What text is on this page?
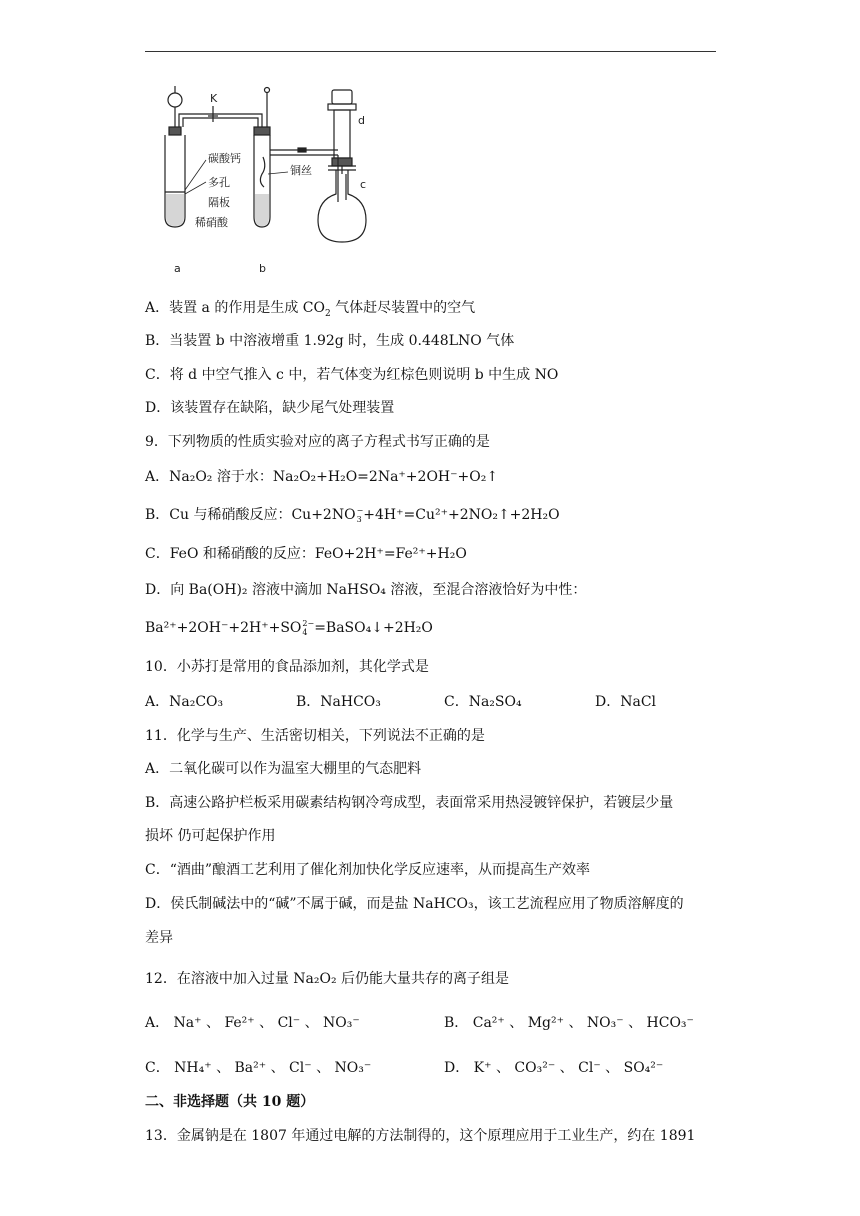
K
d
c
碳酸钙
多孔
隔板
稀硝酸
铜丝
a	b
A．装置 a 的作用是生成 $CO_2$ 气体赶尽装置中的空气
B．当装置 b 中溶液增重 1.92g 时，生成 0.448LNO 气体
C．将 d 中空气推入 c 中，若气体变为红棕色则说明 b 中生成 NO
D．该装置存在缺陷，缺少尾气处理装置
9．下列物质的性质实验对应的离子方程式书写正确的是
A．Na₂O₂ 溶于水：Na₂O₂+H₂O=2Na⁺+2OH⁻+O₂↑
B．Cu 与稀硝酸反应：Cu+2NO −
3 +4H⁺=Cu²⁺+2NO₂↑+2H₂O
C．FeO 和稀硝酸的反应：FeO+2H⁺=Fe²⁺+H₂O
D．向 Ba(OH)₂ 溶液中滴加 NaHSO₄ 溶液，至混合溶液恰好为中性：
Ba²⁺+2OH⁻+2H⁺+SO 2−
4 =BaSO₄↓+2H₂O
10．小苏打是常用的食品添加剂，其化学式是
A．Na₂CO₃	B．NaHCO₃	C．Na₂SO₄	D．NaCl
11．化学与生产、生活密切相关，下列说法不正确的是
A．二氧化碳可以作为温室大棚里的气态肥料
B．高速公路护栏板采用碳素结构钢冷弯成型，表面常采用热浸镀锌保护，若镀层少量
损坏 仍可起保护作用
C．“酒曲”酿酒工艺利用了催化剂加快化学反应速率，从而提高生产效率
D．侯氏制碱法中的“碱”不属于碱，而是盐 NaHCO₃，该工艺流程应用了物质溶解度的
差异
12．在溶液中加入过量 Na₂O₂ 后仍能大量共存的离子组是
A． Na⁺ 、 Fe²⁺ 、 Cl⁻ 、 NO₃⁻	B． Ca²⁺ 、 Mg²⁺ 、 NO₃⁻ 、 HCO₃⁻
C． NH₄⁺ 、 Ba²⁺ 、 Cl⁻ 、 NO₃⁻	D． K⁺ 、 CO₃²⁻ 、 Cl⁻ 、 SO₄²⁻
二、非选择题（共 10 题）
13．金属钠是在 1807 年通过电解的方法制得的，这个原理应用于工业生产，约在 1891
